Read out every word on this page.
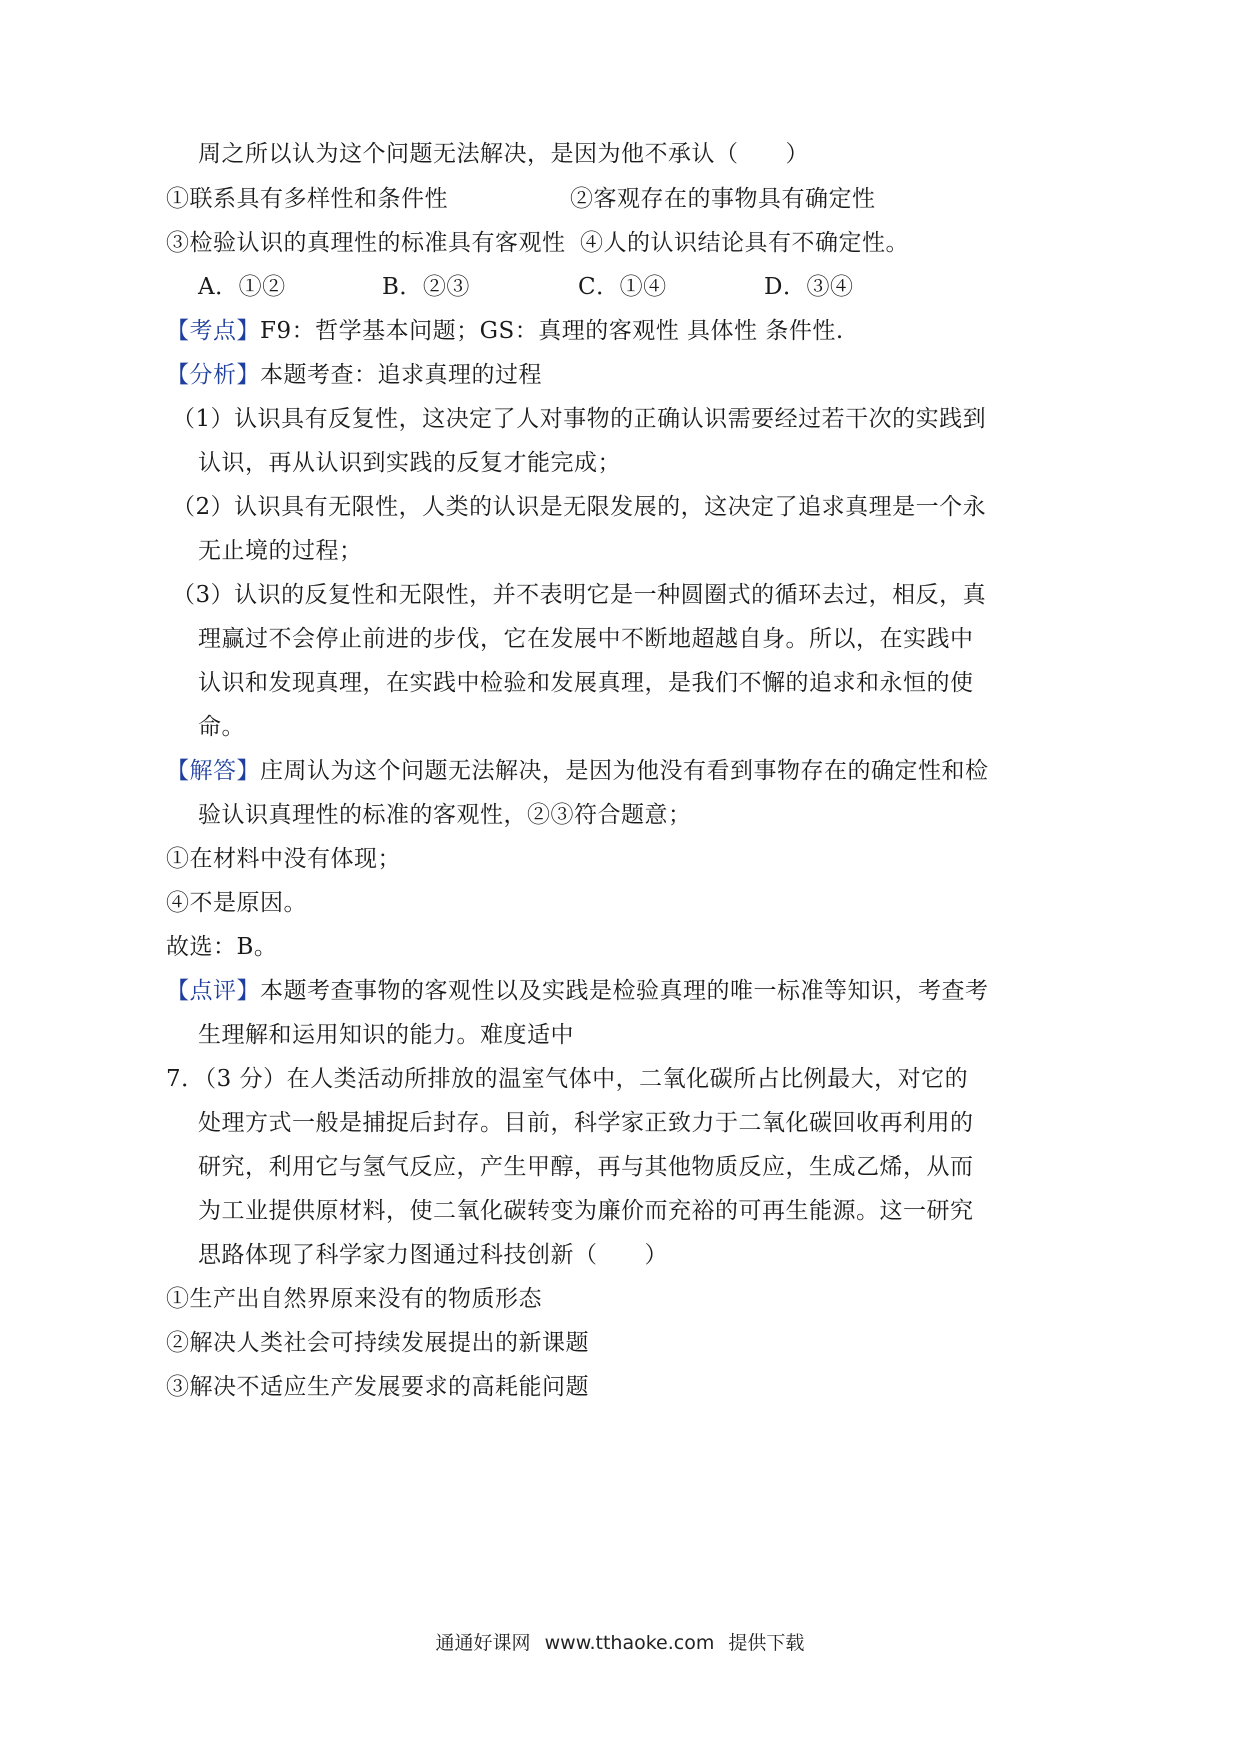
周之所以认为这个问题无法解决，是因为他不承认（　　）
①联系具有多样性和条件性	②客观存在的事物具有确定性
③检验认识的真理性的标准具有客观性 ④人的认识结论具有不确定性。
A．①②	B．②③	C．①④	D．③④
【考点】F9：哲学基本问题；GS：真理的客观性 具体性 条件性.
【分析】本题考查：追求真理的过程
（1）认识具有反复性，这决定了人对事物的正确认识需要经过若干次的实践到
认识，再从认识到实践的反复才能完成；
（2）认识具有无限性，人类的认识是无限发展的，这决定了追求真理是一个永
无止境的过程；
（3）认识的反复性和无限性，并不表明它是一种圆圈式的循环去过，相反，真
理赢过不会停止前进的步伐，它在发展中不断地超越自身。所以，在实践中
认识和发现真理，在实践中检验和发展真理，是我们不懈的追求和永恒的使
命。
【解答】庄周认为这个问题无法解决，是因为他没有看到事物存在的确定性和检
验认识真理性的标准的客观性，②③符合题意；
①在材料中没有体现；
④不是原因。
故选：B。
【点评】本题考查事物的客观性以及实践是检验真理的唯一标准等知识，考查考
生理解和运用知识的能力。难度适中
7．（3 分）在人类活动所排放的温室气体中，二氧化碳所占比例最大，对它的
处理方式一般是捕捉后封存。目前，科学家正致力于二氧化碳回收再利用的
研究，利用它与氢气反应，产生甲醇，再与其他物质反应，生成乙烯，从而
为工业提供原材料，使二氧化碳转变为廉价而充裕的可再生能源。这一研究
思路体现了科学家力图通过科技创新（　　）
①生产出自然界原来没有的物质形态
②解决人类社会可持续发展提出的新课题
③解决不适应生产发展要求的高耗能问题
通通好课网 www.tthaoke.com 提供下载
